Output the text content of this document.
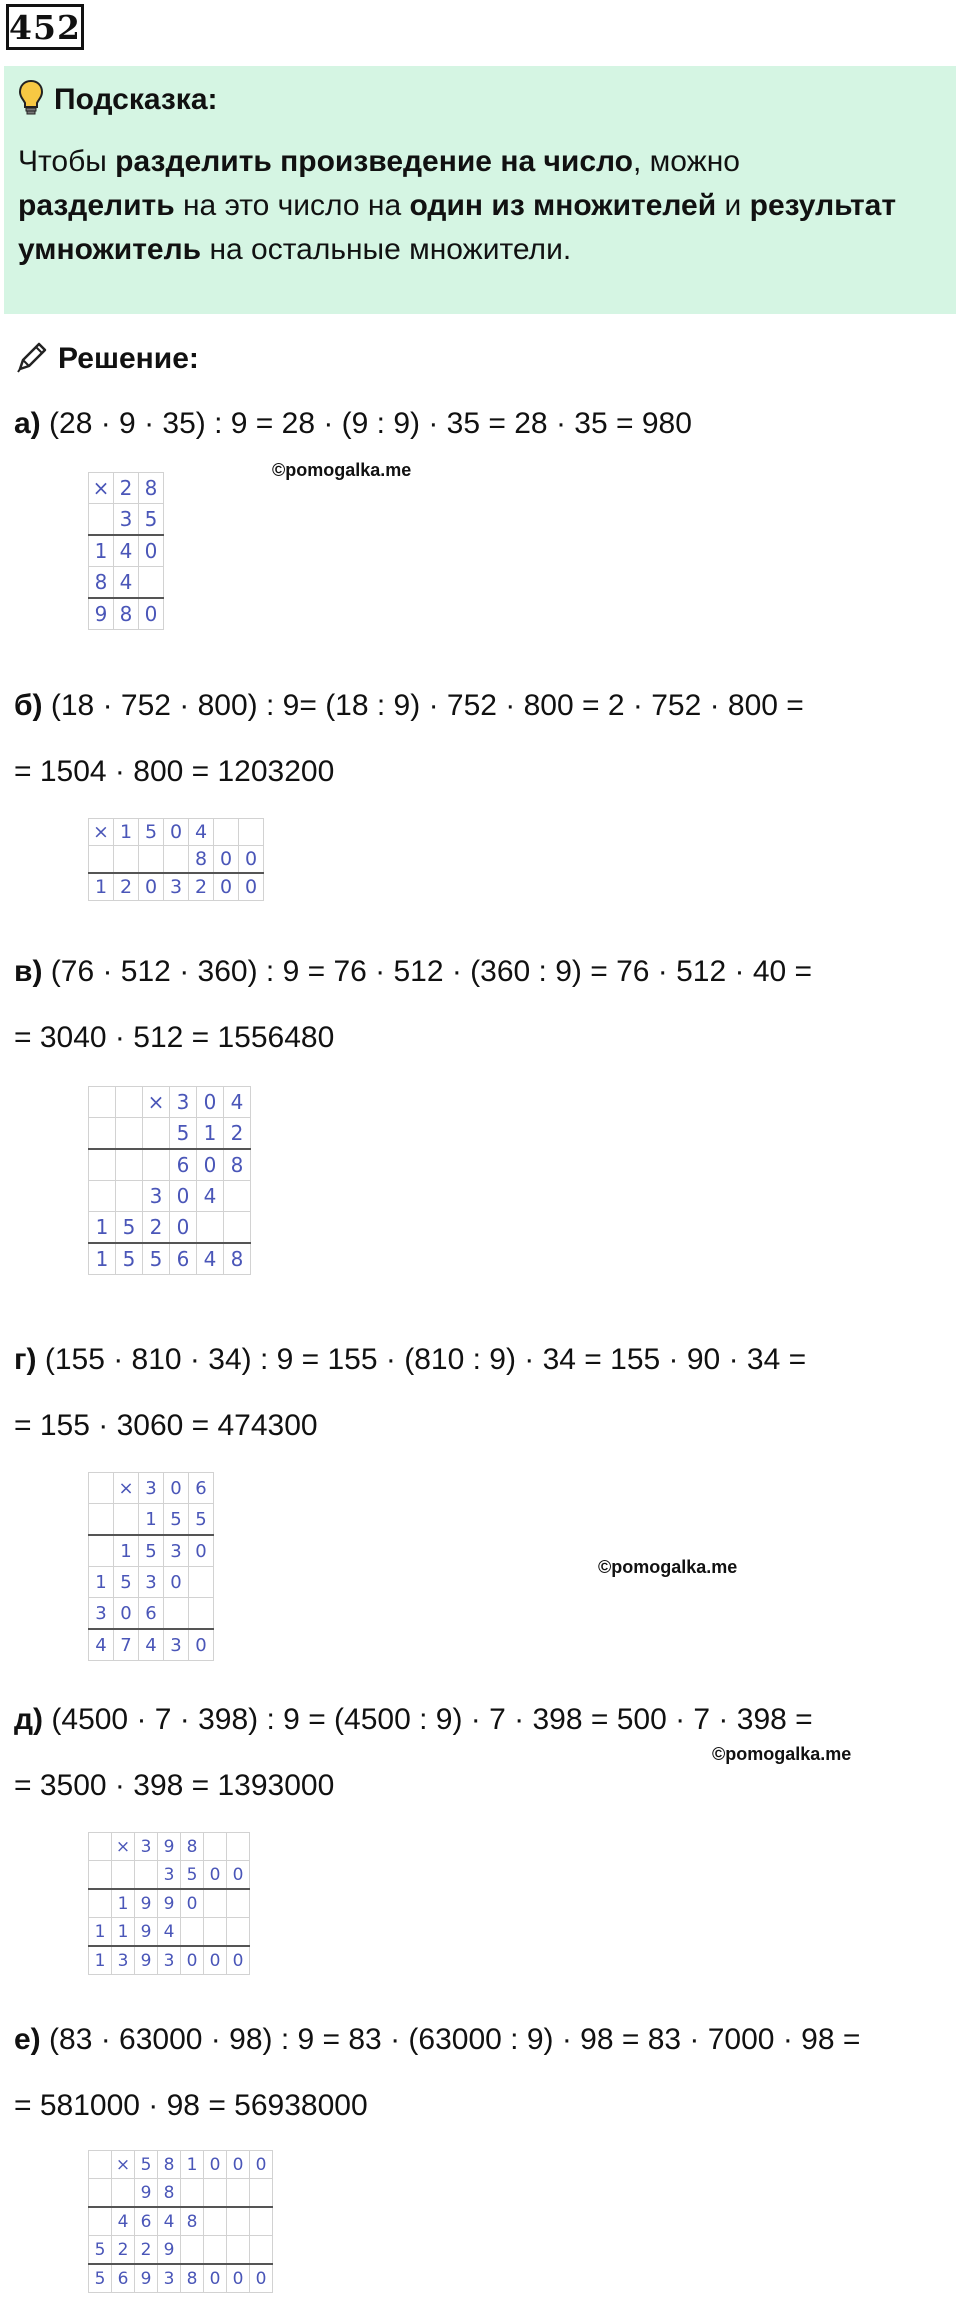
452
Подсказка:
Чтобы разделить произведение на число, можно
разделить на это число на один из множителей и результат
умножитель на остальные множители.
Решение:
а) (28 · 9 · 35) : 9 = 28 · (9 : 9) · 35 = 28 · 35 = 980
©pomogalka.me
×	2	8
	3	5
1	4	0
8	4	
9	8	0
б) (18 · 752 · 800) : 9= (18 : 9) · 752 · 800 = 2 · 752 · 800 =
= 1504 · 800 = 1203200
×	1	5	0	4		
				8	0	0
1	2	0	3	2	0	0
в) (76 · 512 · 360) : 9 = 76 · 512 · (360 : 9) = 76 · 512 · 40 =
= 3040 · 512 = 1556480
		×	3	0	4
			5	1	2
			6	0	8
		3	0	4	
1	5	2	0		
1	5	5	6	4	8
г) (155 · 810 · 34) : 9 = 155 · (810 : 9) · 34 = 155 · 90 · 34 =
= 155 · 3060 = 474300
	×	3	0	6
		1	5	5
	1	5	3	0
1	5	3	0	
3	0	6		
4	7	4	3	0
©pomogalka.me
д) (4500 · 7 · 398) : 9 = (4500 : 9) · 7 · 398 = 500 · 7 · 398 =
©pomogalka.me
= 3500 · 398 = 1393000
	×	3	9	8		
			3	5	0	0
	1	9	9	0		
1	1	9	4			
1	3	9	3	0	0	0
е) (83 · 63000 · 98) : 9 = 83 · (63000 : 9) · 98 = 83 · 7000 · 98 =
= 581000 · 98 = 56938000
	×	5	8	1	0	0	0
		9	8				
	4	6	4	8			
5	2	2	9				
5	6	9	3	8	0	0	0
